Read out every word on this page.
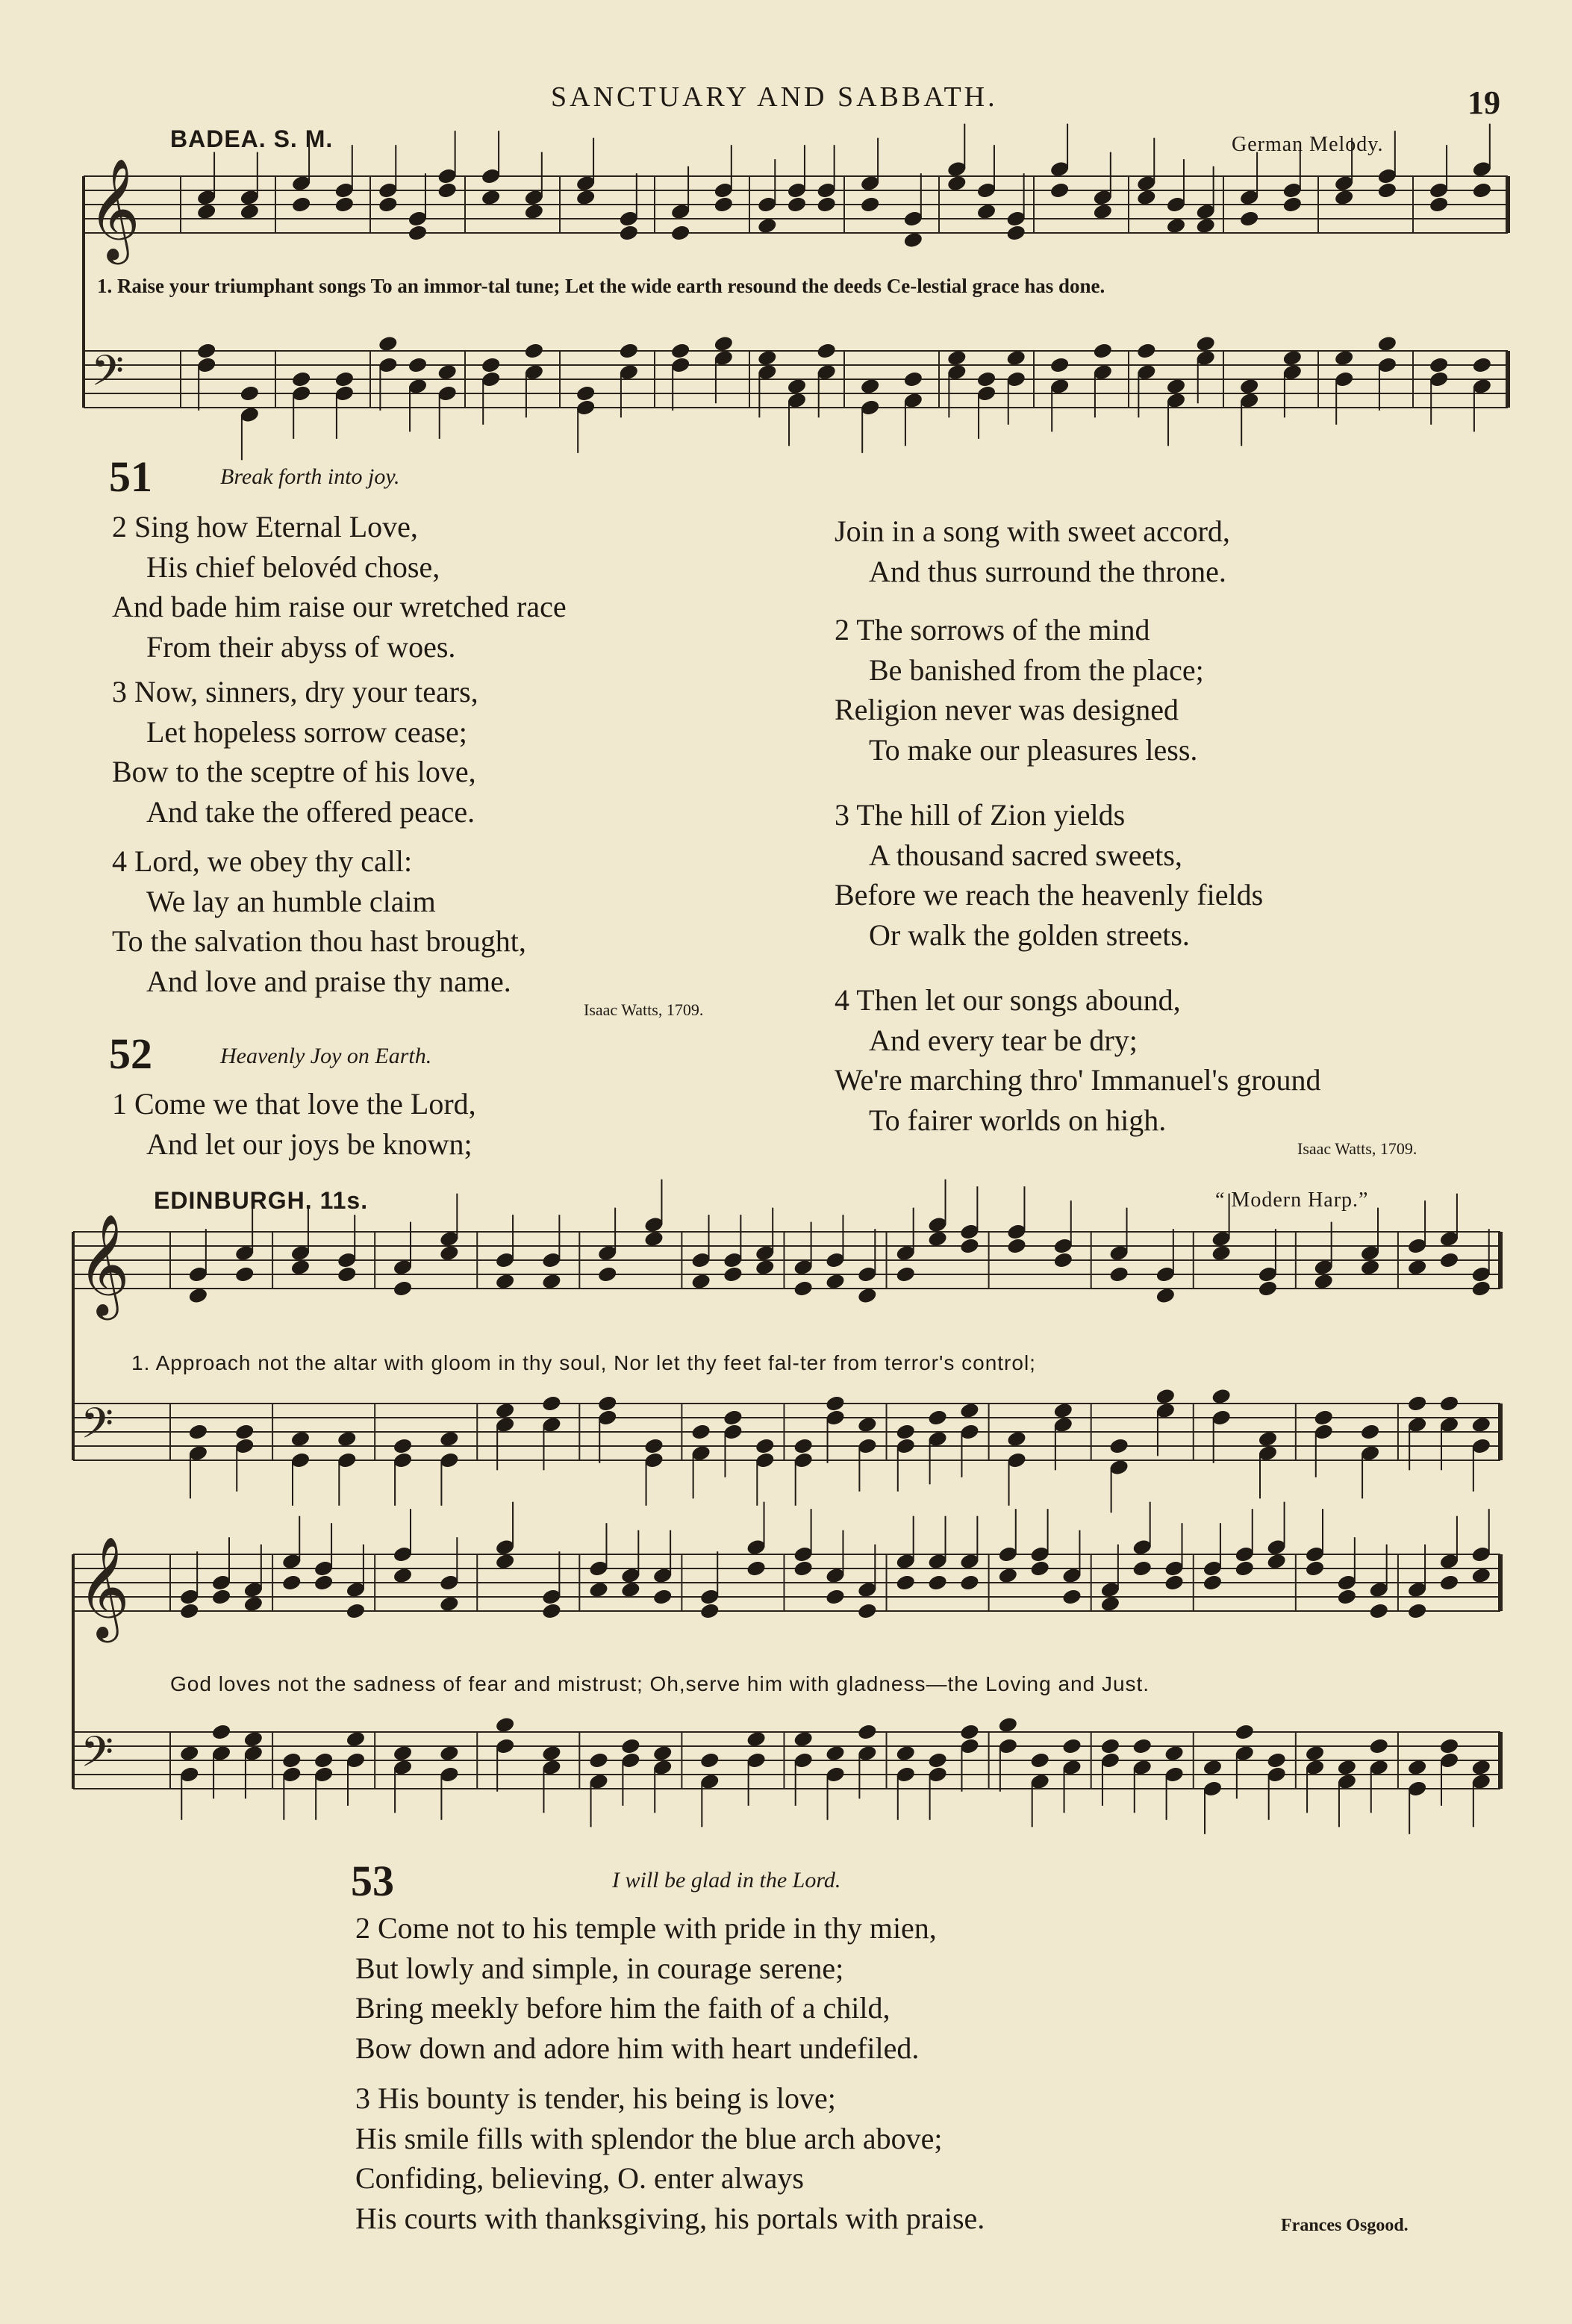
SANCTUARY AND SABBATH.	19
BADEA. S. M.	German Melody.
𝄞
𝄢
𝄞
𝄢
𝄞
𝄢
1. Raise your triumphant songs To an immor-tal tune; Let the wide earth resound the deeds Ce-lestial grace has done.
51	Break forth into joy.
2 Sing how Eternal Love,
His chief belovéd chose,
And bade him raise our wretched race
From their abyss of woes.
3 Now, sinners, dry your tears,
Let hopeless sorrow cease;
Bow to the sceptre of his love,
And take the offered peace.
4 Lord, we obey thy call:
We lay an humble claim
To the salvation thou hast brought,
And love and praise thy name.
Isaac Watts, 1709.
52	Heavenly Joy on Earth.
1 Come we that love the Lord,
And let our joys be known;
Join in a song with sweet accord,
And thus surround the throne.
2 The sorrows of the mind
Be banished from the place;
Religion never was designed
To make our pleasures less.
3 The hill of Zion yields
A thousand sacred sweets,
Before we reach the heavenly fields
Or walk the golden streets.
4 Then let our songs abound,
And every tear be dry;
We're marching thro' Immanuel's ground
To fairer worlds on high.
Isaac Watts, 1709.
EDINBURGH. 11s.	“ Modern Harp.”
1. Approach not the altar with gloom in thy soul, Nor let thy feet fal-ter from terror's control;
God loves not the sadness of fear and mistrust; Oh,serve him with gladness—the Loving and Just.
53	I will be glad in the Lord.
2 Come not to his temple with pride in thy mien,
But lowly and simple, in courage serene;
Bring meekly before him the faith of a child,
Bow down and adore him with heart undefiled.
3 His bounty is tender, his being is love;
His smile fills with splendor the blue arch above;
Confiding, believing, O. enter always
His courts with thanksgiving, his portals with praise.	Frances Osgood.
